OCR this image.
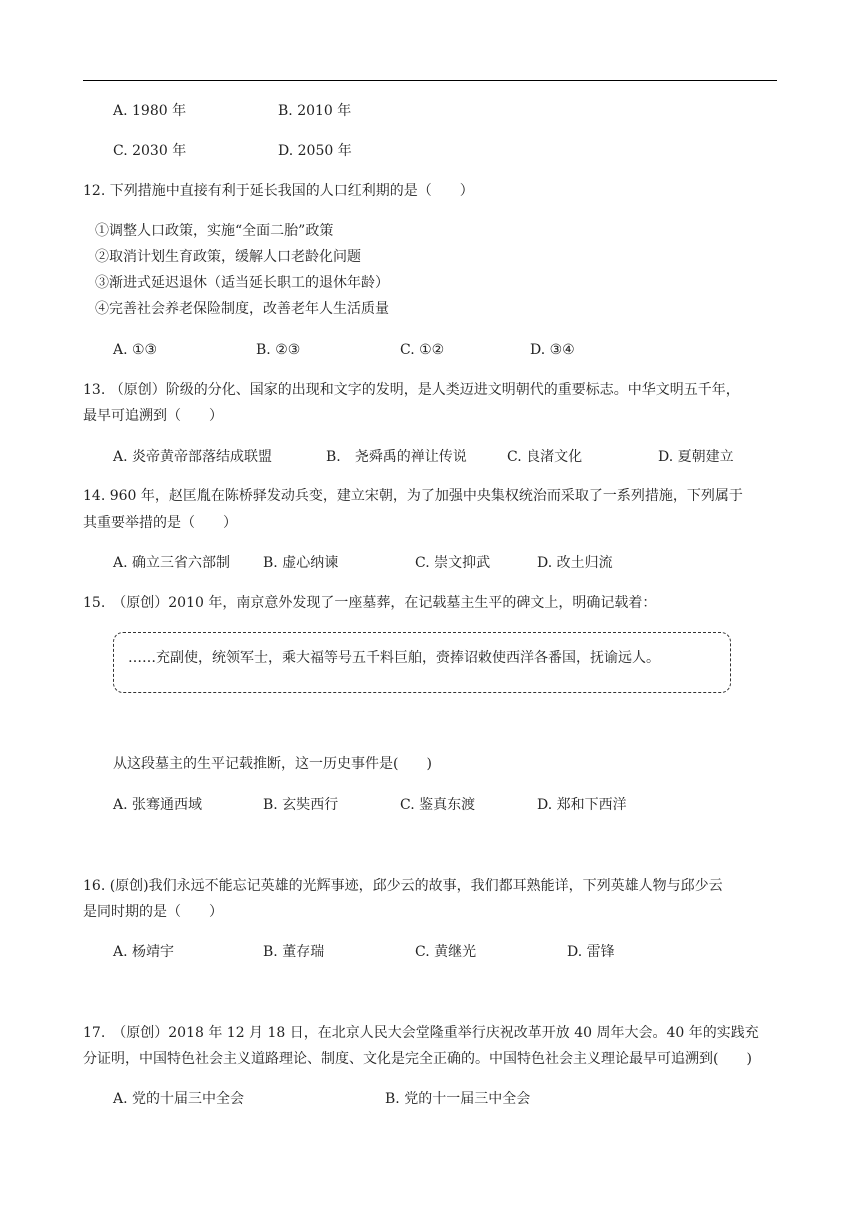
A. 1980 年	B. 2010 年
C. 2030 年	D. 2050 年
12. 下列措施中直接有利于延长我国的人口红利期的是（　　）
①调整人口政策，实施“全面二胎”政策
②取消计划生育政策，缓解人口老龄化问题
③渐进式延迟退休（适当延长职工的退休年龄）
④完善社会养老保险制度，改善老年人生活质量
A. ①③	B. ②③	C. ①②	D. ③④
13. （原创）阶级的分化、国家的出现和文字的发明，是人类迈进文明朝代的重要标志。中华文明五千年，
最早可追溯到（　　）
A. 炎帝黄帝部落结成联盟	B.　尧舜禹的禅让传说	C. 良渚文化	D. 夏朝建立
14. 960 年，赵匡胤在陈桥驿发动兵变，建立宋朝，为了加强中央集权统治而采取了一系列措施，下列属于
其重要举措的是（　　）
A. 确立三省六部制 B. 虚心纳谏	C. 崇文抑武	D. 改土归流
15.　（原创）2010 年，南京意外发现了一座墓葬，在记载墓主生平的碑文上，明确记载着：
……充副使，统领军士，乘大福等号五千料巨舶，赍捧诏敕使西洋各番国，抚谕远人。
从这段墓主的生平记载推断，这一历史事件是(　　)
A. 张骞通西域	B. 玄奘西行	C. 鉴真东渡	D. 郑和下西洋
16. (原创)我们永远不能忘记英雄的光辉事迹，邱少云的故事，我们都耳熟能详，下列英雄人物与邱少云
是同时期的是（　　）
A. 杨靖宇	B. 董存瑞	C. 黄继光	D. 雷锋
17.　（原创）2018 年 12 月 18 日，在北京人民大会堂隆重举行庆祝改革开放 40 周年大会。40 年的实践充
分证明，中国特色社会主义道路理论、制度、文化是完全正确的。中国特色社会主义理论最早可追溯到(　　)
A. 党的十届三中全会	B. 党的十一届三中全会
